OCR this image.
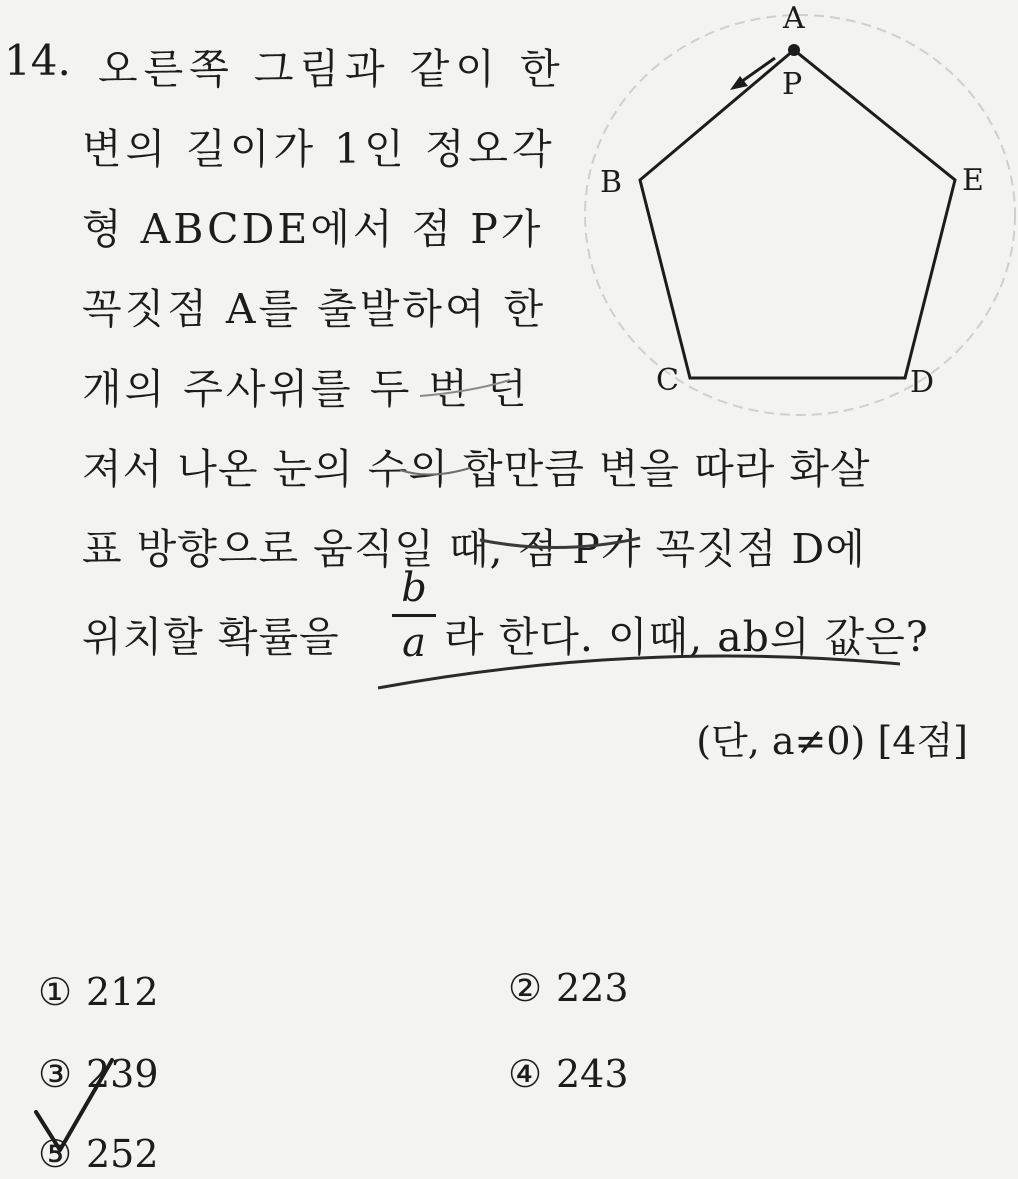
14. 오른쪽 그림과 같이 한
변의 길이가 1인 정오각
형 ABCDE에서 점 P가
꼭짓점 A를 출발하여 한
개의 주사위를 두 번 던
져서 나온 눈의 수의 합만큼 변을 따라 화살
표 방향으로 움직일 때, 점 P가 꼭짓점 D에
위치할 확률을
b
a 라 한다. 이때, ab의 값은?
(단, a≠0) [4점]
① 212	② 223
③ 239	④ 243
⑤ 252
A
B
C	D
E
P
